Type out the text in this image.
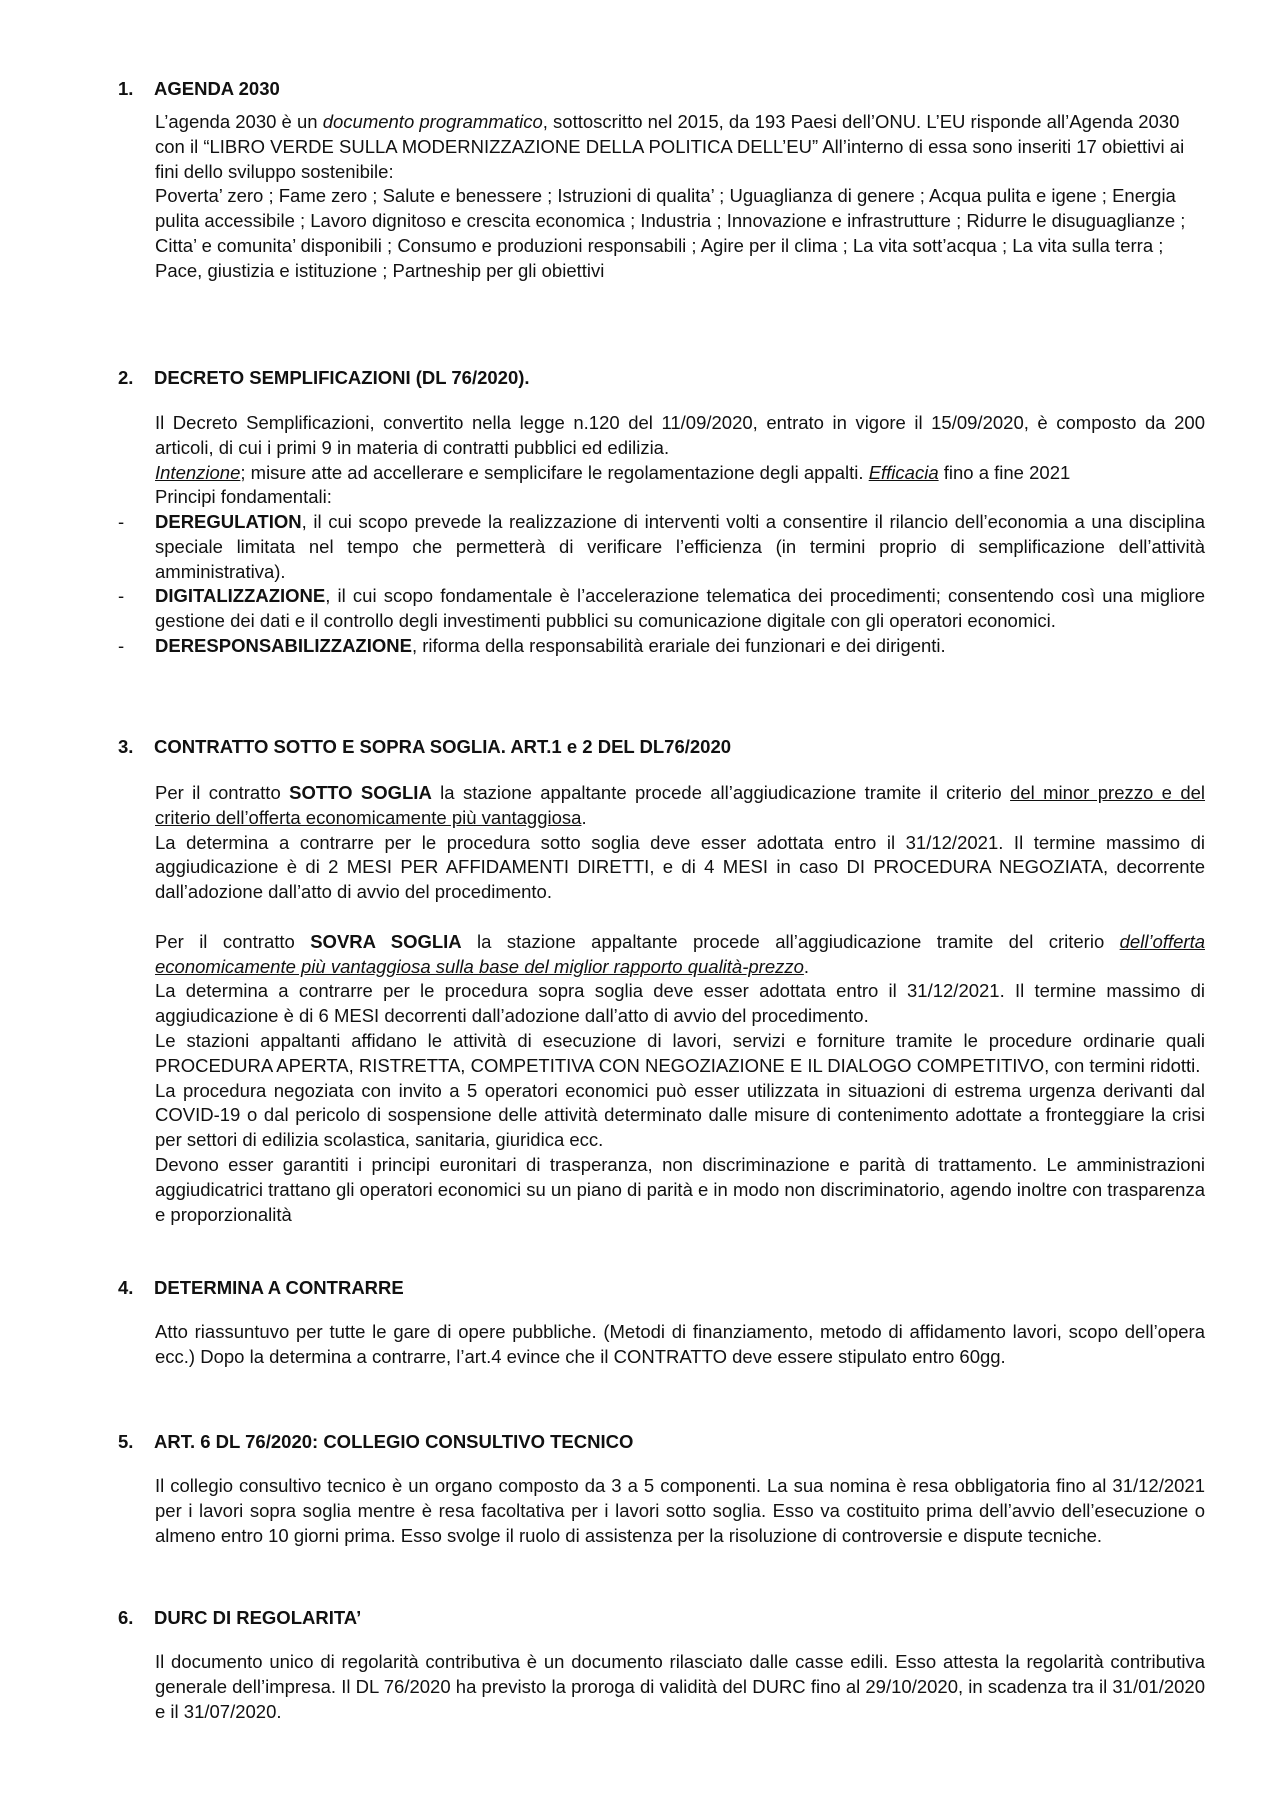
1. AGENDA 2030

L’agenda 2030 è un documento programmatico, sottoscritto nel 2015, da 193 Paesi dell’ONU. L’EU risponde all’Agenda 2030 con il “LIBRO VERDE SULLA MODERNIZZAZIONE DELLA POLITICA DELL’EU” All’interno di essa sono inseriti 17 obiettivi ai fini dello sviluppo sostenibile:

Poverta’ zero ; Fame zero ; Salute e benessere ; Istruzioni di qualita’ ; Uguaglianza di genere ; Acqua pulita e igene ; Energia pulita accessibile ; Lavoro dignitoso e crescita economica ; Industria ; Innovazione e infrastrutture ; Ridurre le disuguaglianze ; Citta’ e comunita’ disponibili ; Consumo e produzioni responsabili ; Agire per il clima ; La vita sott’acqua ; La vita sulla terra ; Pace, giustizia e istituzione ; Partneship per gli obiettivi

2. DECRETO SEMPLIFICAZIONI (DL 76/2020).

Il Decreto Semplificazioni, convertito nella legge n.120 del 11/09/2020, entrato in vigore il 15/09/2020, è composto da 200 articoli, di cui i primi 9 in materia di contratti pubblici ed edilizia.

Intenzione; misure atte ad accellerare e semplicifare le regolamentazione degli appalti. Efficacia fino a fine 2021

Principi fondamentali:

- DEREGULATION, il cui scopo prevede la realizzazione di interventi volti a consentire il rilancio dell’economia a una disciplina speciale limitata nel tempo che permetterà di verificare l’efficienza (in termini proprio di semplificazione dell’attività amministrativa).
- DIGITALIZZAZIONE, il cui scopo fondamentale è l’accelerazione telematica dei procedimenti; consentendo così una migliore gestione dei dati e il controllo degli investimenti pubblici su comunicazione digitale con gli operatori economici.
- DERESPONSABILIZZAZIONE, riforma della responsabilità erariale dei funzionari e dei dirigenti.
3. CONTRATTO SOTTO E SOPRA SOGLIA. ART.1 e 2 DEL DL76/2020

Per il contratto SOTTO SOGLIA la stazione appaltante procede all’aggiudicazione tramite il criterio del minor prezzo e del criterio dell’offerta economicamente più vantaggiosa.

La determina a contrarre per le procedura sotto soglia deve esser adottata entro il 31/12/2021. Il termine massimo di aggiudicazione è di 2 MESI PER AFFIDAMENTI DIRETTI, e di 4 MESI in caso DI PROCEDURA NEGOZIATA, decorrente dall’adozione dall’atto di avvio del procedimento.

Per il contratto SOVRA SOGLIA la stazione appaltante procede all’aggiudicazione tramite del criterio dell’offerta economicamente più vantaggiosa sulla base del miglior rapporto qualità-prezzo.

La determina a contrarre per le procedura sopra soglia deve esser adottata entro il 31/12/2021. Il termine massimo di aggiudicazione è di 6 MESI decorrenti dall’adozione dall’atto di avvio del procedimento.

Le stazioni appaltanti affidano le attività di esecuzione di lavori, servizi e forniture tramite le procedure ordinarie quali PROCEDURA APERTA, RISTRETTA, COMPETITIVA CON NEGOZIAZIONE E IL DIALOGO COMPETITIVO, con termini ridotti.

La procedura negoziata con invito a 5 operatori economici può esser utilizzata in situazioni di estrema urgenza derivanti dal COVID-19 o dal pericolo di sospensione delle attività determinato dalle misure di contenimento adottate a fronteggiare la crisi per settori di edilizia scolastica, sanitaria, giuridica ecc.

Devono esser garantiti i principi euronitari di trasperanza, non discriminazione e parità di trattamento. Le amministrazioni aggiudicatrici trattano gli operatori economici su un piano di parità e in modo non discriminatorio, agendo inoltre con trasparenza e proporzionalità

4. DETERMINA A CONTRARRE

Atto riassuntuvo per tutte le gare di opere pubbliche. (Metodi di finanziamento, metodo di affidamento lavori, scopo dell’opera ecc.) Dopo la determina a contrarre, l’art.4 evince che il CONTRATTO deve essere stipulato entro 60gg.

5. ART. 6 DL 76/2020: COLLEGIO CONSULTIVO TECNICO

Il collegio consultivo tecnico è un organo composto da 3 a 5 componenti. La sua nomina è resa obbligatoria fino al 31/12/2021 per i lavori sopra soglia mentre è resa facoltativa per i lavori sotto soglia. Esso va costituito prima dell’avvio dell’esecuzione o almeno entro 10 giorni prima. Esso svolge il ruolo di assistenza per la risoluzione di controversie e dispute tecniche.

6. DURC DI REGOLARITA’

Il documento unico di regolarità contributiva è un documento rilasciato dalle casse edili. Esso attesta la regolarità contributiva generale dell’impresa. Il DL 76/2020 ha previsto la proroga di validità del DURC fino al 29/10/2020, in scadenza tra il 31/01/2020 e il 31/07/2020.
